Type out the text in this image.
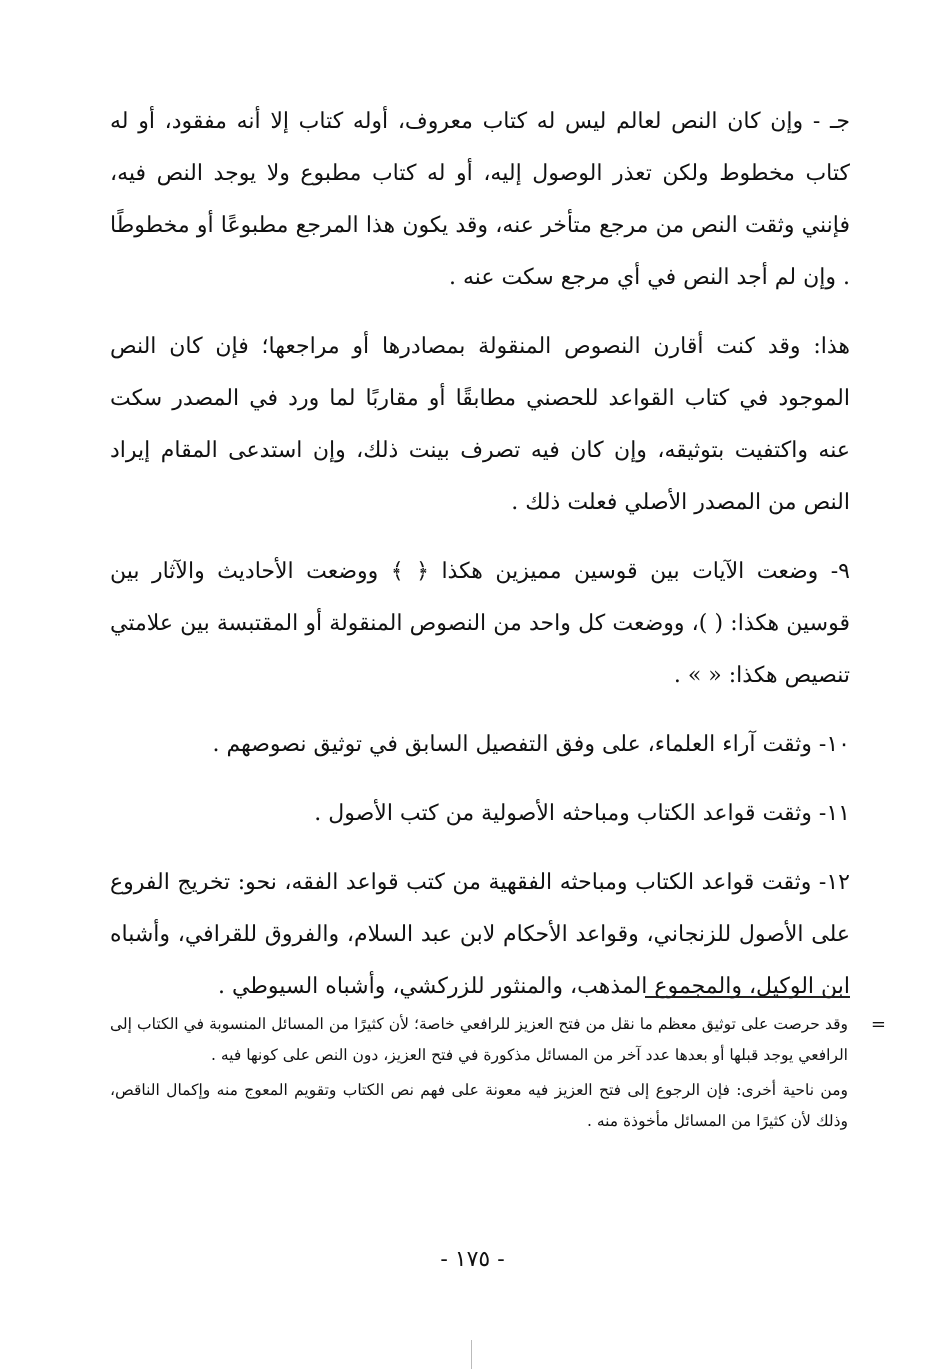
جـ - وإن كان النص لعالم ليس له كتاب معروف، أوله كتاب إلا أنه مفقود، أو له كتاب مخطوط ولكن تعذر الوصول إليه، أو له كتاب مطبوع ولا يوجد النص فيه، فإنني وثقت النص من مرجع متأخر عنه، وقد يكون هذا المرجع مطبوعًا أو مخطوطًا . وإن لم أجد النص في أي مرجع سكت عنه .

هذا: وقد كنت أقارن النصوص المنقولة بمصادرها أو مراجعها؛ فإن كان النص الموجود في كتاب القواعد للحصني مطابقًا أو مقاربًا لما ورد في المصدر سكت عنه واكتفيت بتوثيقه، وإن كان فيه تصرف بينت ذلك، وإن استدعى المقام إيراد النص من المصدر الأصلي فعلت ذلك .

٩- وضعت الآيات بين قوسين مميزين هكذا ﴿ ﴾ ووضعت الأحاديث والآثار بين قوسين هكذا: ( )، ووضعت كل واحد من النصوص المنقولة أو المقتبسة بين علامتي تنصيص هكذا: « » .

١٠- وثقت آراء العلماء، على وفق التفصيل السابق في توثيق نصوصهم .

١١- وثقت قواعد الكتاب ومباحثه الأصولية من كتب الأصول .

١٢- وثقت قواعد الكتاب ومباحثه الفقهية من كتب قواعد الفقه، نحو: تخريج الفروع على الأصول للزنجاني، وقواعد الأحكام لابن عبد السلام، والفروق للقرافي، وأشباه ابن الوكيل، والمجموع المذهب، والمنثور للزركشي، وأشباه السيوطي .

=

وقد حرصت على توثيق معظم ما نقل من فتح العزيز للرافعي خاصة؛ لأن كثيرًا من المسائل المنسوبة في الكتاب إلى الرافعي يوجد قبلها أو بعدها عدد آخر من المسائل مذكورة في فتح العزيز، دون النص على كونها فيه .

ومن ناحية أخرى: فإن الرجوع إلى فتح العزيز فيه معونة على فهم نص الكتاب وتقويم المعوج منه وإكمال الناقص، وذلك لأن كثيرًا من المسائل مأخوذة منه .

- ١٧٥ -
